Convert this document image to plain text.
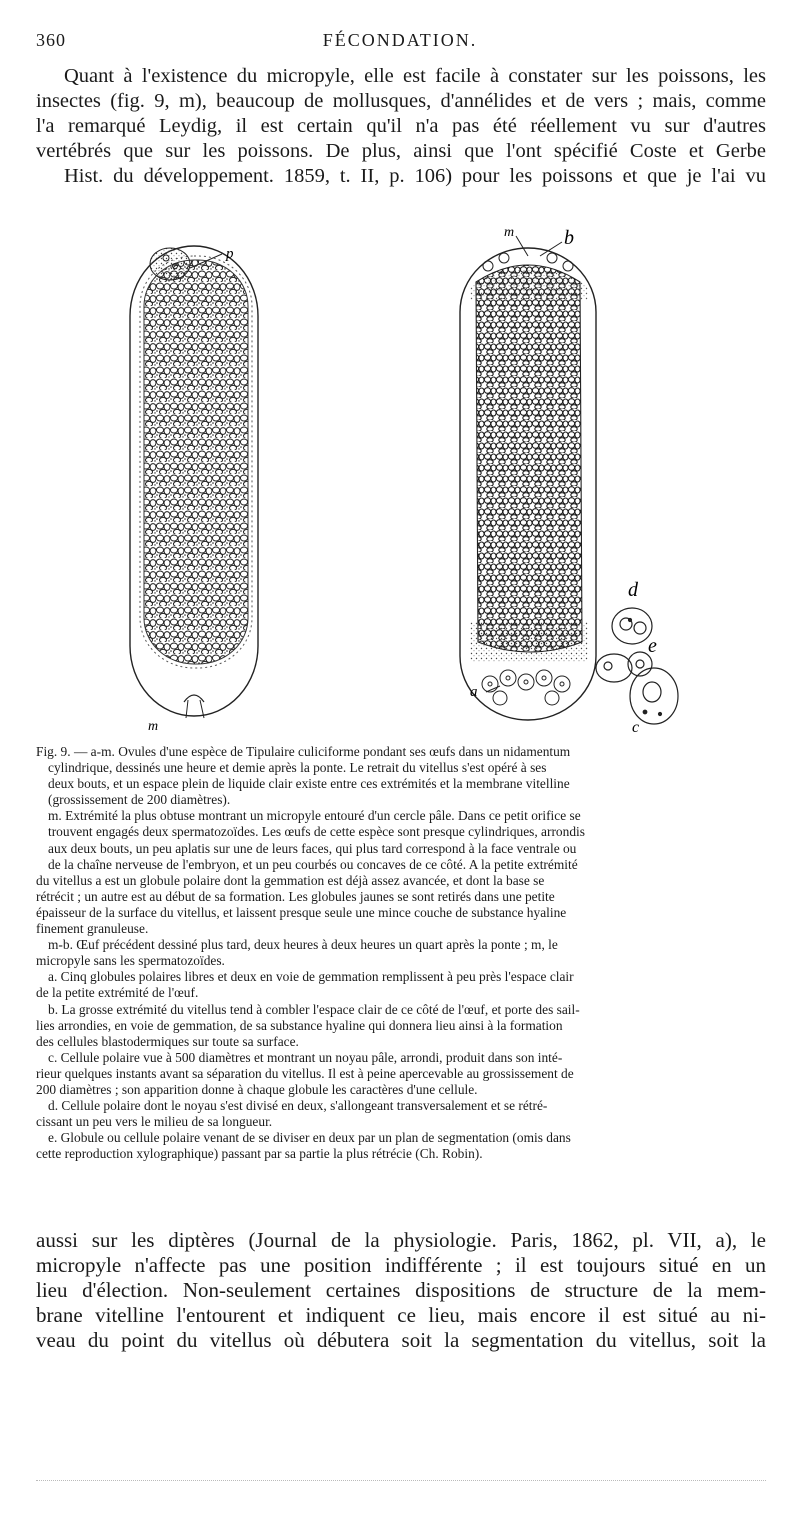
360	FÉCONDATION.
Quant à l'existence du micropyle, elle est facile à constater sur les poissons, les
insectes (fig. 9, m), beaucoup de mollusques, d'annélides et de vers ; mais, comme
l'a remarqué Leydig, il est certain qu'il n'a pas été réellement vu sur d'autres
vertébrés que sur les poissons. De plus, ainsi que l'ont spécifié Coste et Gerbe
Hist. du développement. 1859, t. II, p. 106) pour les poissons et que je l'ai vu
p
m
m b
a
d
e
c
Fig. 9. — a-m. Ovules d'une espèce de Tipulaire culiciforme pondant ses œufs dans un nidamentum
cylindrique, dessinés une heure et demie après la ponte. Le retrait du vitellus s'est opéré à ses
deux bouts, et un espace plein de liquide clair existe entre ces extrémités et la membrane vitelline
(grossissement de 200 diamètres).
m. Extrémité la plus obtuse montrant un micropyle entouré d'un cercle pâle. Dans ce petit orifice se
trouvent engagés deux spermatozoïdes. Les œufs de cette espèce sont presque cylindriques, arrondis
aux deux bouts, un peu aplatis sur une de leurs faces, qui plus tard correspond à la face ventrale ou
de la chaîne nerveuse de l'embryon, et un peu courbés ou concaves de ce côté. A la petite extrémité
du vitellus a est un globule polaire dont la gemmation est déjà assez avancée, et dont la base se
rétrécit ; un autre est au début de sa formation. Les globules jaunes se sont retirés dans une petite
épaisseur de la surface du vitellus, et laissent presque seule une mince couche de substance hyaline
finement granuleuse.
m-b. Œuf précédent dessiné plus tard, deux heures à deux heures un quart après la ponte ; m, le
micropyle sans les spermatozoïdes.
a. Cinq globules polaires libres et deux en voie de gemmation remplissent à peu près l'espace clair
de la petite extrémité de l'œuf.
b. La grosse extrémité du vitellus tend à combler l'espace clair de ce côté de l'œuf, et porte des sail-
lies arrondies, en voie de gemmation, de sa substance hyaline qui donnera lieu ainsi à la formation
des cellules blastodermiques sur toute sa surface.
c. Cellule polaire vue à 500 diamètres et montrant un noyau pâle, arrondi, produit dans son inté-
rieur quelques instants avant sa séparation du vitellus. Il est à peine apercevable au grossissement de
200 diamètres ; son apparition donne à chaque globule les caractères d'une cellule.
d. Cellule polaire dont le noyau s'est divisé en deux, s'allongeant transversalement et se rétré-
cissant un peu vers le milieu de sa longueur.
e. Globule ou cellule polaire venant de se diviser en deux par un plan de segmentation (omis dans
cette reproduction xylographique) passant par sa partie la plus rétrécie (Ch. Robin).
aussi sur les diptères (Journal de la physiologie. Paris, 1862, pl. VII, a), le
micropyle n'affecte pas une position indifférente ; il est toujours situé en un
lieu d'élection. Non-seulement certaines dispositions de structure de la mem-
brane vitelline l'entourent et indiquent ce lieu, mais encore il est situé au ni-
veau du point du vitellus où débutera soit la segmentation du vitellus, soit la
